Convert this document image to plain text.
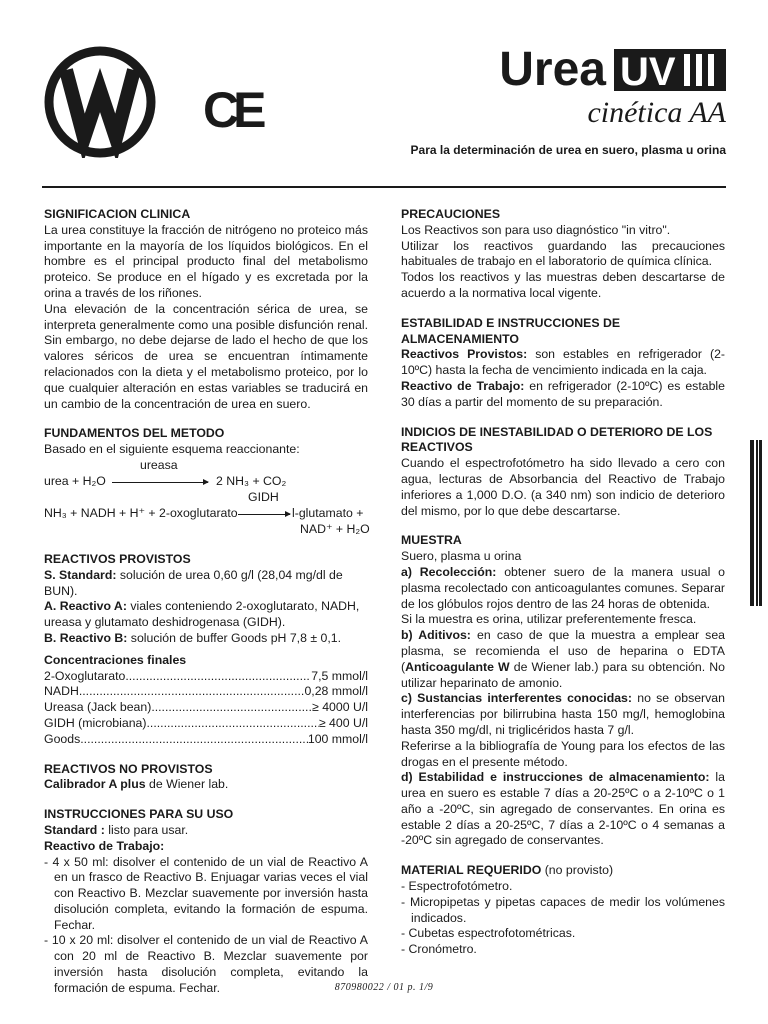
CE
Urea UV
cinética AA
Para la determinación de urea en suero, plasma u orina

SIGNIFICACION CLINICA

La urea constituye la fracción de nitrógeno no proteico más importante en la mayoría de los líquidos biológicos. En el hombre es el principal producto final del metabolismo proteico. Se produce en el hígado y es excretada por la orina a través de los riñones.

Una elevación de la concentración sérica de urea, se interpreta generalmente como una posible disfunción renal. Sin embargo, no debe dejarse de lado el hecho de que los valores séricos de urea se encuentran íntimamente relacionados con la dieta y el metabolismo proteico, por lo que cualquier alteración en estas variables se traducirá en un cambio de la concentración de urea en suero.

FUNDAMENTOS DEL METODO

Basado en el siguiente esquema reaccionante:

ureasa
urea + H₂O	2 NH₃ + CO₂
GIDH
NH₃ + NADH + H⁺ + 2-oxoglutarato	l-glutamato +
NAD⁺ + H₂O

REACTIVOS PROVISTOS

S. Standard: solución de urea 0,60 g/l (28,04 mg/dl de BUN).

A. Reactivo A: viales conteniendo 2-oxoglutarato, NADH, ureasa y glutamato deshidrogenasa (GIDH).

B. Reactivo B: solución de buffer Goods pH 7,8 ± 0,1.

Concentraciones finales

2-Oxoglutarato .....	7,5 mmol/l
NADH .....	0,28 mmol/l
Ureasa (Jack bean) .....	≥ 4000 U/l
GIDH (microbiana) .....	≥ 400 U/l
Goods .....	100 mmol/l

REACTIVOS NO PROVISTOS

Calibrador A plus de Wiener lab.

INSTRUCCIONES PARA SU USO

Standard : listo para usar.

Reactivo de Trabajo:

- 4 x 50 ml: disolver el contenido de un vial de Reactivo A en un frasco de Reactivo B. Enjuagar varias veces el vial con Reactivo B. Mezclar suavemente por inversión hasta disolución completa, evitando la formación de espuma. Fechar.
- 10 x 20 ml: disolver el contenido de un vial de Reactivo A con 20 ml de Reactivo B. Mezclar suavemente por inversión hasta disolución completa, evitando la formación de espuma. Fechar.

PRECAUCIONES

Los Reactivos son para uso diagnóstico "in vitro".

Utilizar los reactivos guardando las precauciones habituales de trabajo en el laboratorio de química clínica.

Todos los reactivos y las muestras deben descartarse de acuerdo a la normativa local vigente.

ESTABILIDAD E INSTRUCCIONES DE ALMACENAMIENTO

Reactivos Provistos: son estables en refrigerador (2-10ºC) hasta la fecha de vencimiento indicada en la caja.

Reactivo de Trabajo: en refrigerador (2-10ºC) es estable 30 días a partir del momento de su preparación.

INDICIOS DE INESTABILIDAD O DETERIORO DE LOS REACTIVOS

Cuando el espectrofotómetro ha sido llevado a cero con agua, lecturas de Absorbancia del Reactivo de Trabajo inferiores a 1,000 D.O. (a 340 nm) son indicio de deterioro del mismo, por lo que debe descartarse.

MUESTRA

Suero, plasma u orina

a) Recolección: obtener suero de la manera usual o plasma recolectado con anticoagulantes comunes. Separar de los glóbulos rojos dentro de las 24 horas de obtenida.

Si la muestra es orina, utilizar preferentemente fresca.

b) Aditivos: en caso de que la muestra a emplear sea plasma, se recomienda el uso de heparina o EDTA (Anticoagulante W de Wiener lab.) para su obtención. No utilizar heparinato de amonio.

c) Sustancias interferentes conocidas: no se observan interferencias por bilirrubina hasta 150 mg/l, hemoglobina hasta 350 mg/dl, ni triglicéridos hasta 7 g/l.

Referirse a la bibliografía de Young para los efectos de las drogas en el presente método.

d) Estabilidad e instrucciones de almacenamiento: la urea en suero es estable 7 días a 20-25ºC o a 2-10ºC o 1 año a -20ºC, sin agregado de conservantes. En orina es estable 2 días a 20-25ºC, 7 días a 2-10ºC o 4 semanas a -20ºC sin agregado de conservantes.

MATERIAL REQUERIDO (no provisto)

- Espectrofotómetro.
- Micropipetas y pipetas capaces de medir los volúmenes indicados.
- Cubetas espectrofotométricas.
- Cronómetro.
870980022 / 01 p. 1/9
